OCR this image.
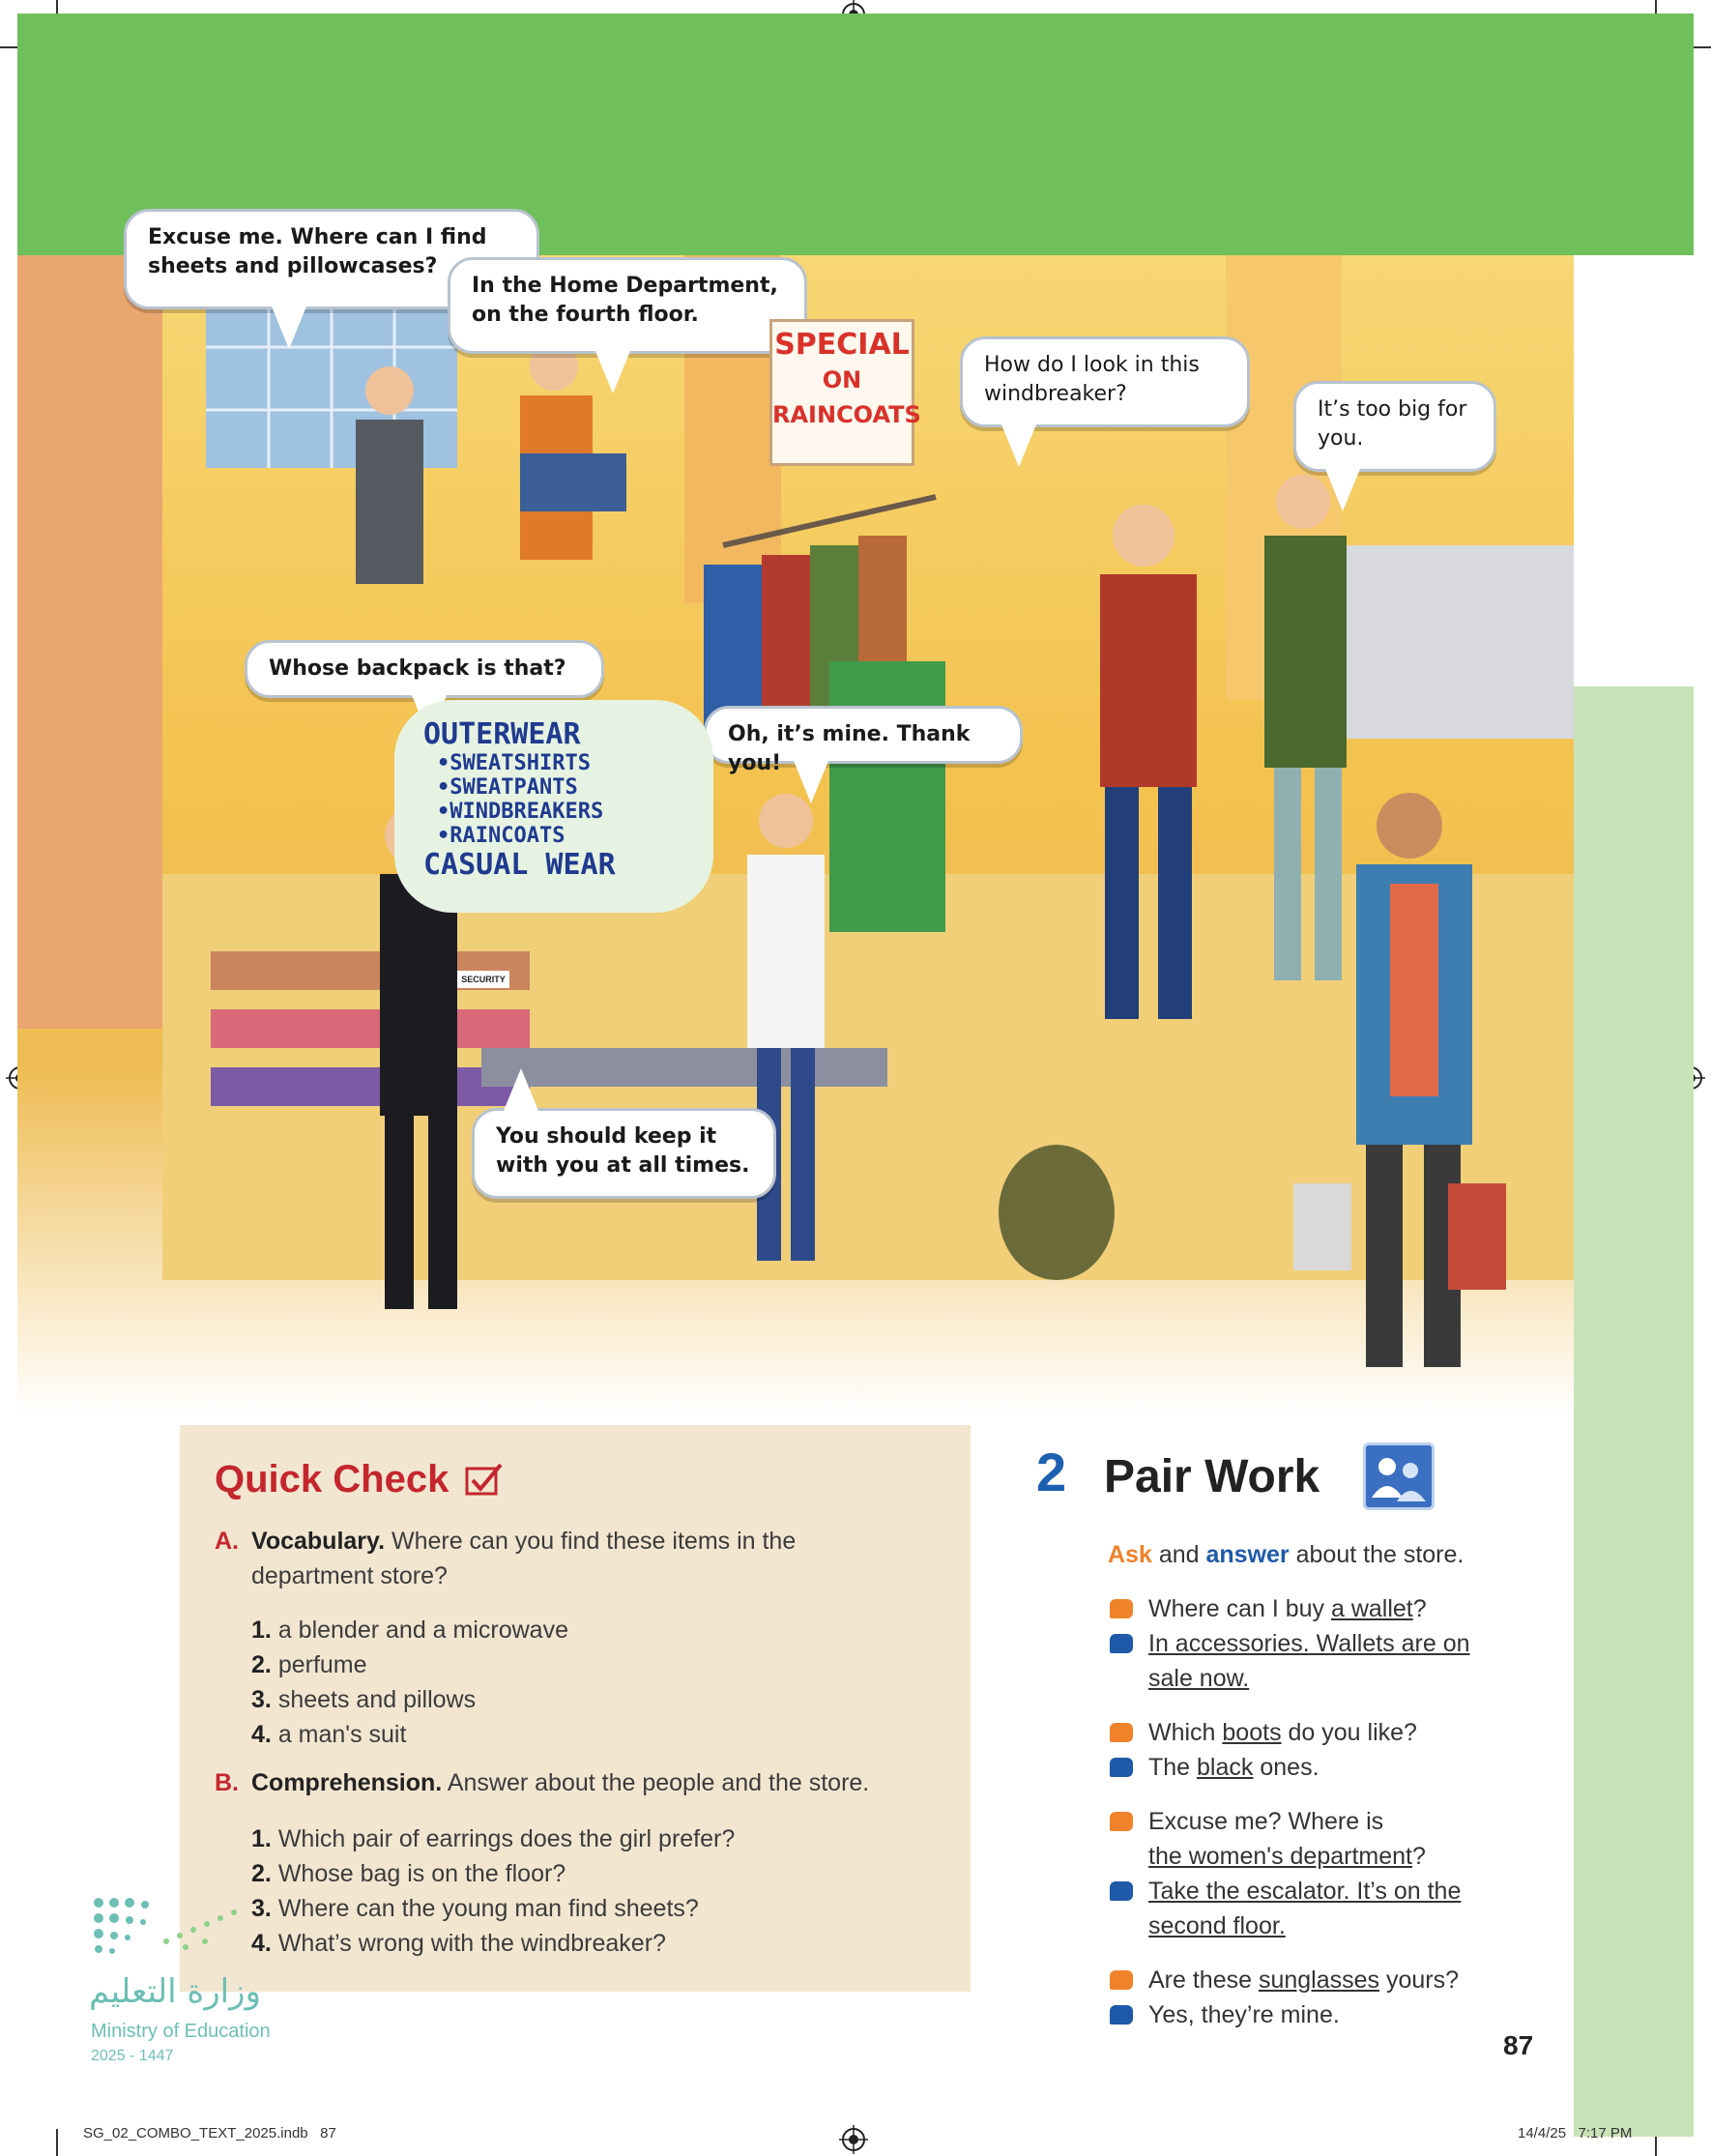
Excuse me. Where can I find sheets and pillowcases?
In the Home Department, on the fourth floor.
How do I look in this windbreaker?
It’s too big for you.
Whose backpack is that?
Oh, it’s mine. Thank you!
You should keep it with you at all times.
SPECIAL
ON
RAINCOATS
OUTERWEAR
•SWEATSHIRTS
•SWEATPANTS
•WINDBREAKERS
•RAINCOATS
CASUAL WEAR
SECURITY
Quick Check
A. Vocabulary. Where can you find these items in the
department store?
1. a blender and a microwave
2. perfume
3. sheets and pillows
4. a man's suit
B. Comprehension. Answer about the people and the store.
1. Which pair of earrings does the girl prefer?
2. Whose bag is on the floor?
3. Where can the young man find sheets?
4. What’s wrong with the windbreaker?
وزارة التعليم
Ministry of Education
2025 - 1447
2 Pair Work
Ask and answer about the store.
Where can I buy a wallet?
In accessories. Wallets are on
sale now.
Which boots do you like?
The black ones.
Excuse me? Where is
the women's department?
Take the escalator. It’s on the
second floor.
Are these sunglasses yours?
Yes, they’re mine.
87
SG_02_COMBO_TEXT_2025.indb   87	14/4/25   7:17 PM
